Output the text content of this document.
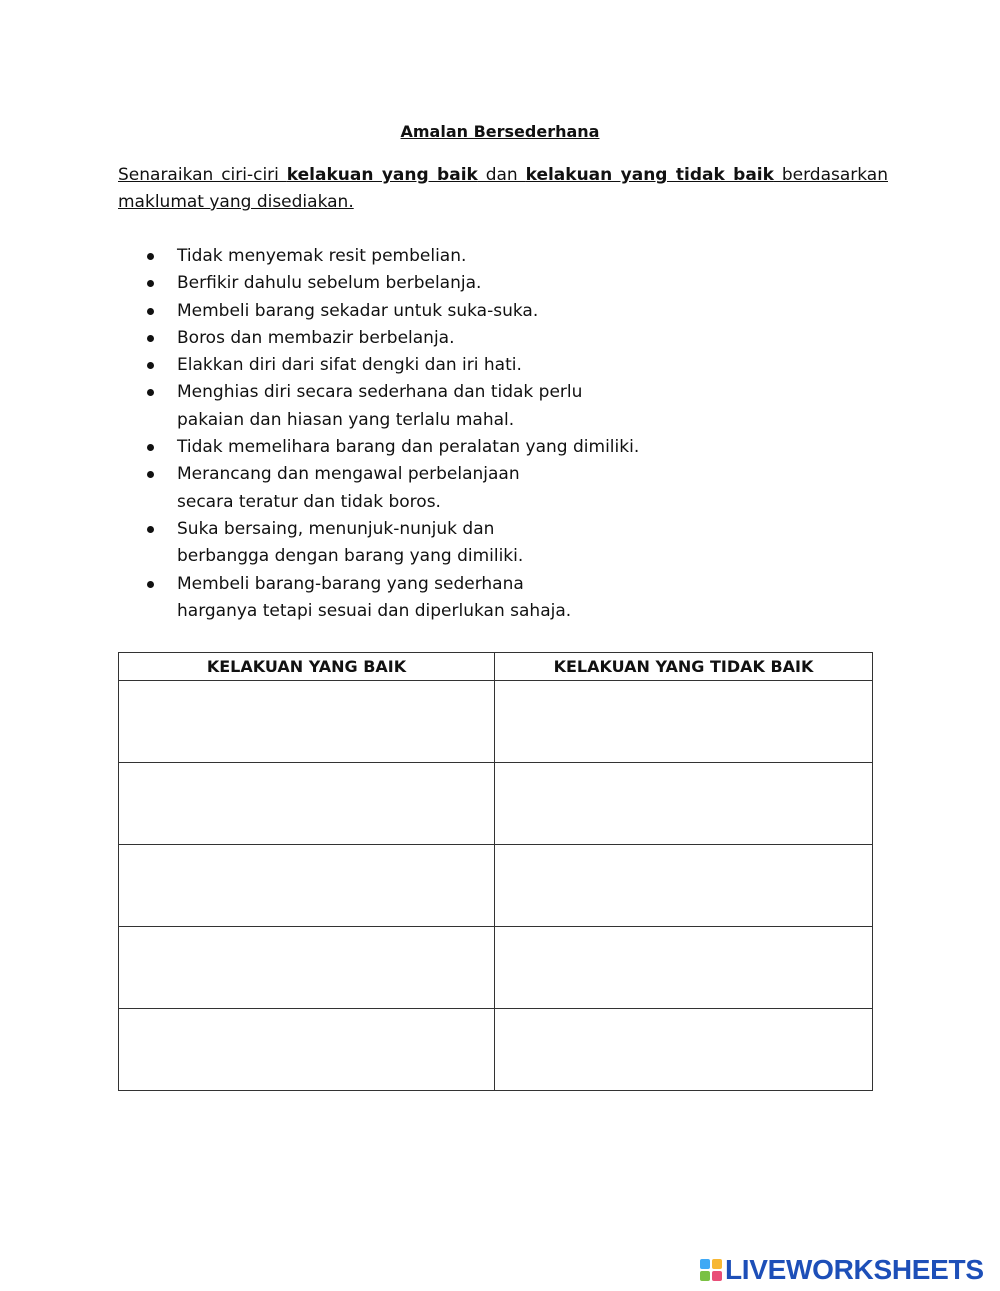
Amalan Bersederhana
Senaraikan ciri-ciri kelakuan yang baik dan kelakuan yang tidak baik berdasarkan maklumat yang disediakan.
Tidak menyemak resit pembelian.
Berfikir dahulu sebelum berbelanja.
Membeli barang sekadar untuk suka-suka.
Boros dan membazir berbelanja.
Elakkan diri dari sifat dengki dan iri hati.
Menghias diri secara sederhana dan tidak perlu
pakaian dan hiasan yang terlalu mahal.
Tidak memelihara barang dan peralatan yang dimiliki.
Merancang dan mengawal perbelanjaan
secara teratur dan tidak boros.
Suka bersaing, menunjuk-nunjuk dan
berbangga dengan barang yang dimiliki.
Membeli barang-barang yang sederhana
harganya tetapi sesuai dan diperlukan sahaja.
KELAKUAN YANG BAIK	KELAKUAN YANG TIDAK BAIK

LIVEWORKSHEETS
